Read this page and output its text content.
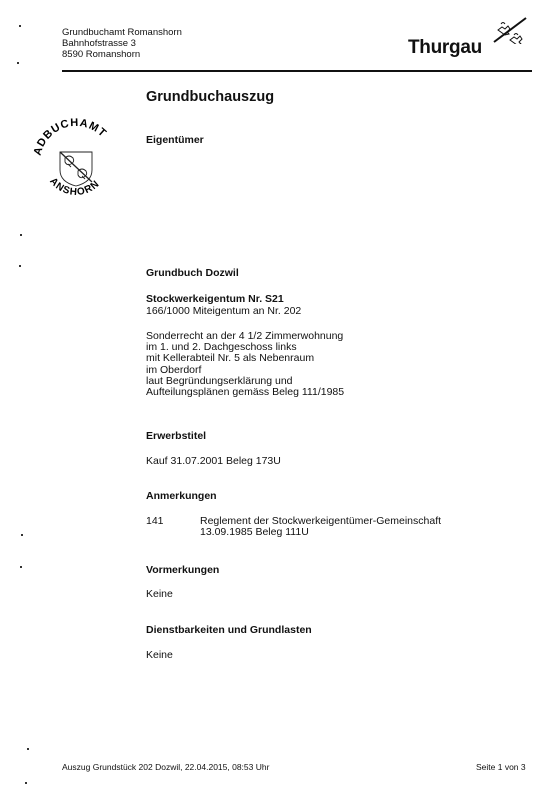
Grundbuchamt Romanshorn
Bahnhofstrasse 3
8590 Romanshorn	Thurgau
ADBUCHAMT
ANSHORN
Grundbuchauszug
Eigentümer
Grundbuch Dozwil
Stockwerkeigentum Nr. S21
166/1000 Miteigentum an Nr. 202
Sonderrecht an der 4 1/2 Zimmerwohnung
im 1. und 2. Dachgeschoss links
mit Kellerabteil Nr. 5 als Nebenraum
im Oberdorf
laut Begründungserklärung und
Aufteilungsplänen gemäss Beleg 111/1985
Erwerbstitel
Kauf 31.07.2001 Beleg 173U
Anmerkungen
141	Reglement der Stockwerkeigentümer-Gemeinschaft
13.09.1985 Beleg 111U
Vormerkungen
Keine
Dienstbarkeiten und Grundlasten
Keine
Auszug Grundstück 202 Dozwil, 22.04.2015, 08:53 Uhr	Seite 1 von 3
